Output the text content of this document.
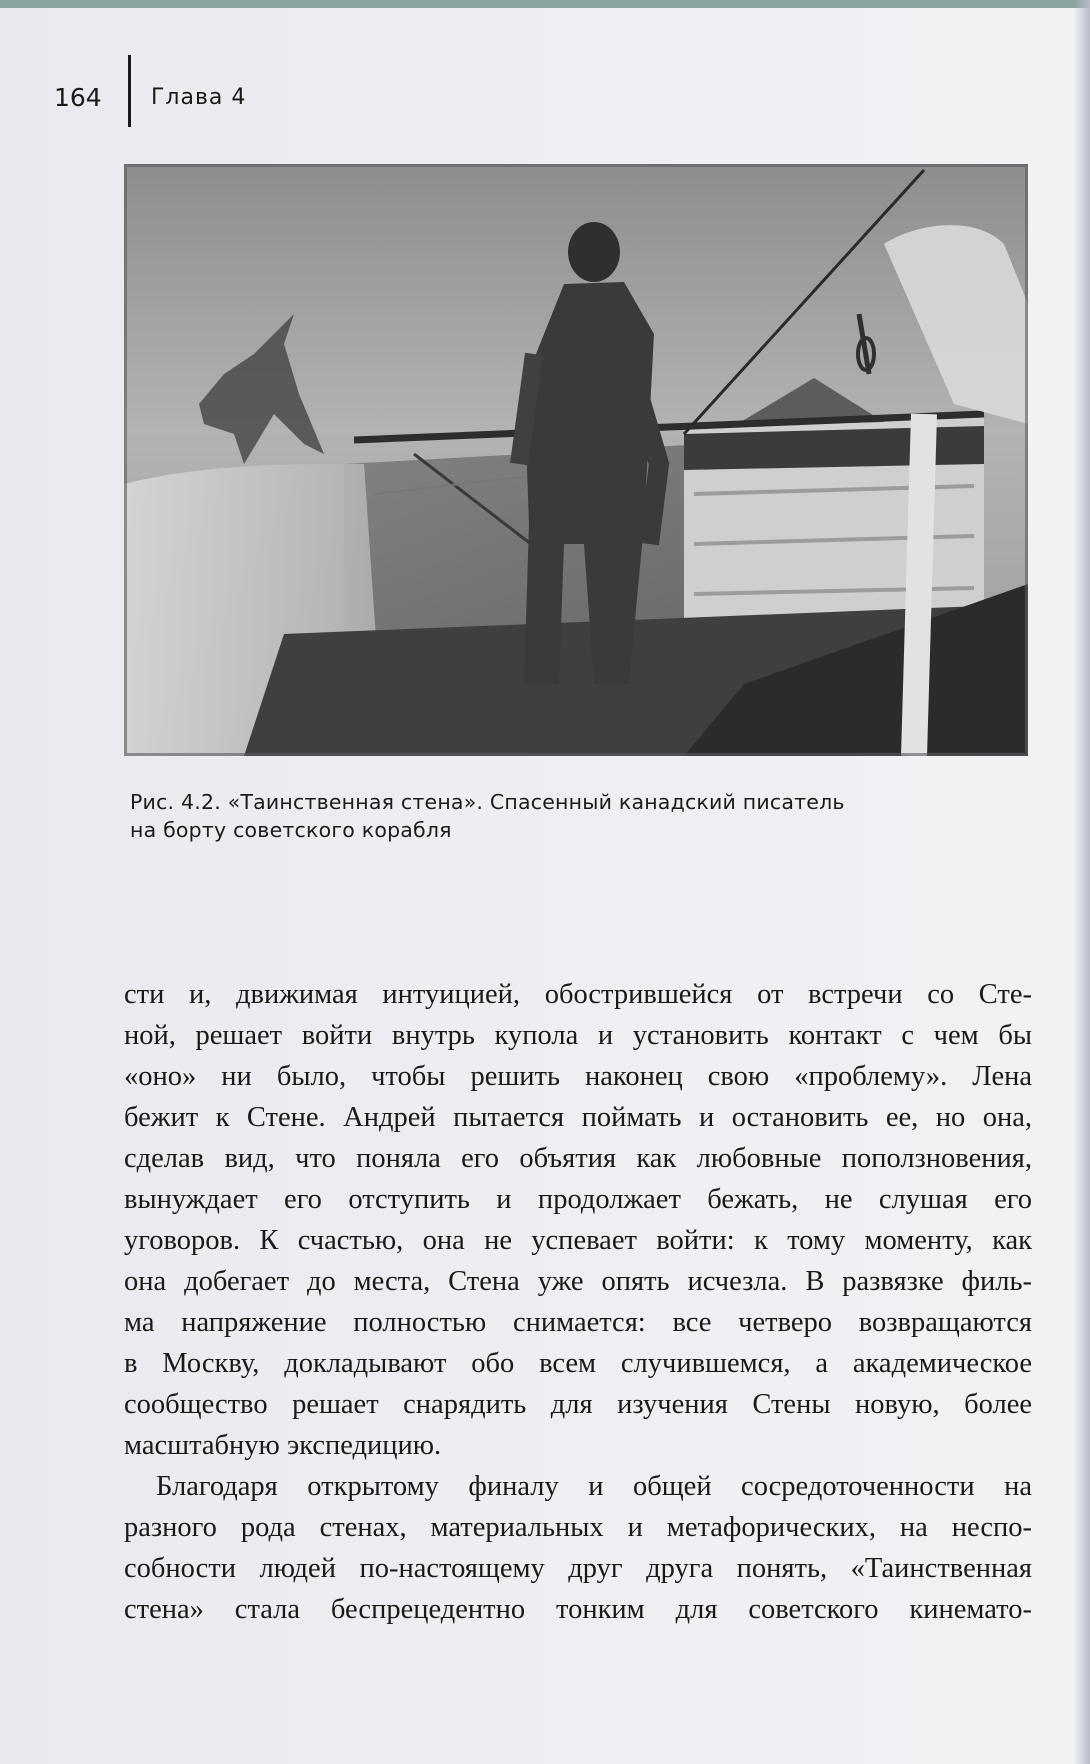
164	Глава 4
Рис. 4.2. «Таинственная стена». Спасенный канадский писатель
на борту советского корабля
сти и, движимая интуицией, обострившейся от встречи со Сте-
ной, решает войти внутрь купола и установить контакт с чем бы
«оно» ни было, чтобы решить наконец свою «проблему». Лена
бежит к Стене. Андрей пытается поймать и остановить ее, но она,
сделав вид, что поняла его объятия как любовные поползновения,
вынуждает его отступить и продолжает бежать, не слушая его
уговоров. К счастью, она не успевает войти: к тому моменту, как
она добегает до места, Стена уже опять исчезла. В развязке филь-
ма напряжение полностью снимается: все четверо возвращаются
в Москву, докладывают обо всем случившемся, а академическое
сообщество решает снарядить для изучения Стены новую, более
масштабную экспедицию.
Благодаря открытому финалу и общей сосредоточенности на
разного рода стенах, материальных и метафорических, на неспо-
собности людей по-настоящему друг друга понять, «Таинственная
стена» стала беспрецедентно тонким для советского кинемато-
